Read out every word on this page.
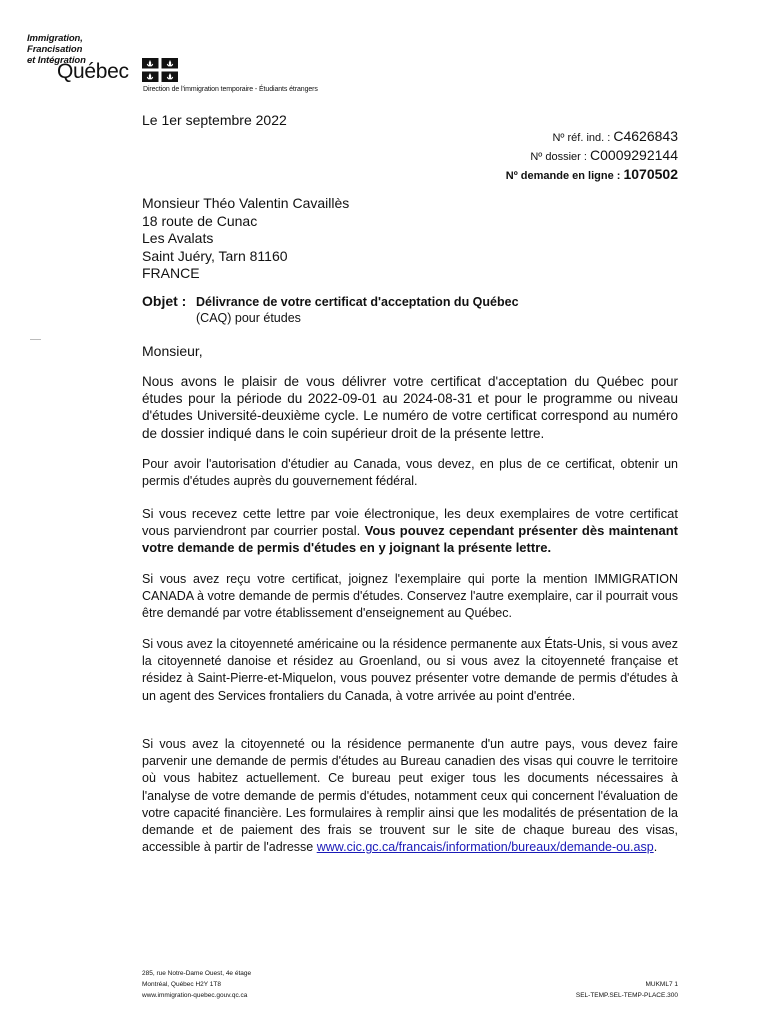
Immigration,
Francisation
et Intégration
Québec
Direction de l'immigration temporaire - Étudiants étrangers
Le 1er septembre 2022
Nº réf. ind. : C4626843
Nº dossier : C0009292144
Nº demande en ligne : 1070502
Monsieur Théo Valentin Cavaillès
18 route de Cunac
Les Avalats
Saint Juéry, Tarn 81160
FRANCE
Objet : Délivrance de votre certificat d'acceptation du Québec
(CAQ) pour études
Monsieur,
Nous avons le plaisir de vous délivrer votre certificat d'acceptation du Québec pour études pour la période du 2022-09-01 au 2024-08-31 et pour le programme ou niveau d'études Université-deuxième cycle. Le numéro de votre certificat correspond au numéro de dossier indiqué dans le coin supérieur droit de la présente lettre.
Pour avoir l'autorisation d'étudier au Canada, vous devez, en plus de ce certificat, obtenir un permis d'études auprès du gouvernement fédéral.
Si vous recevez cette lettre par voie électronique, les deux exemplaires de votre certificat vous parviendront par courrier postal. Vous pouvez cependant présenter dès maintenant votre demande de permis d'études en y joignant la présente lettre.
Si vous avez reçu votre certificat, joignez l'exemplaire qui porte la mention IMMIGRATION CANADA à votre demande de permis d'études. Conservez l'autre exemplaire, car il pourrait vous être demandé par votre établissement d'enseignement au Québec.
Si vous avez la citoyenneté américaine ou la résidence permanente aux États-Unis, si vous avez la citoyenneté danoise et résidez au Groenland, ou si vous avez la citoyenneté française et résidez à Saint-Pierre-et-Miquelon, vous pouvez présenter votre demande de permis d'études à un agent des Services frontaliers du Canada, à votre arrivée au point d'entrée.
Si vous avez la citoyenneté ou la résidence permanente d'un autre pays, vous devez faire parvenir une demande de permis d'études au Bureau canadien des visas qui couvre le territoire où vous habitez actuellement. Ce bureau peut exiger tous les documents nécessaires à l'analyse de votre demande de permis d'études, notamment ceux qui concernent l'évaluation de votre capacité financière. Les formulaires à remplir ainsi que les modalités de présentation de la demande et de paiement des frais se trouvent sur le site de chaque bureau des visas, accessible à partir de l'adresse www.cic.gc.ca/francais/information/bureaux/demande-ou.asp.
285, rue Notre-Dame Ouest, 4e étage
Montréal, Québec H2Y 1T8
www.immigration-quebec.gouv.qc.ca
MUKML7 1
SEL-TEMP.SEL-TEMP-PLACE.300
